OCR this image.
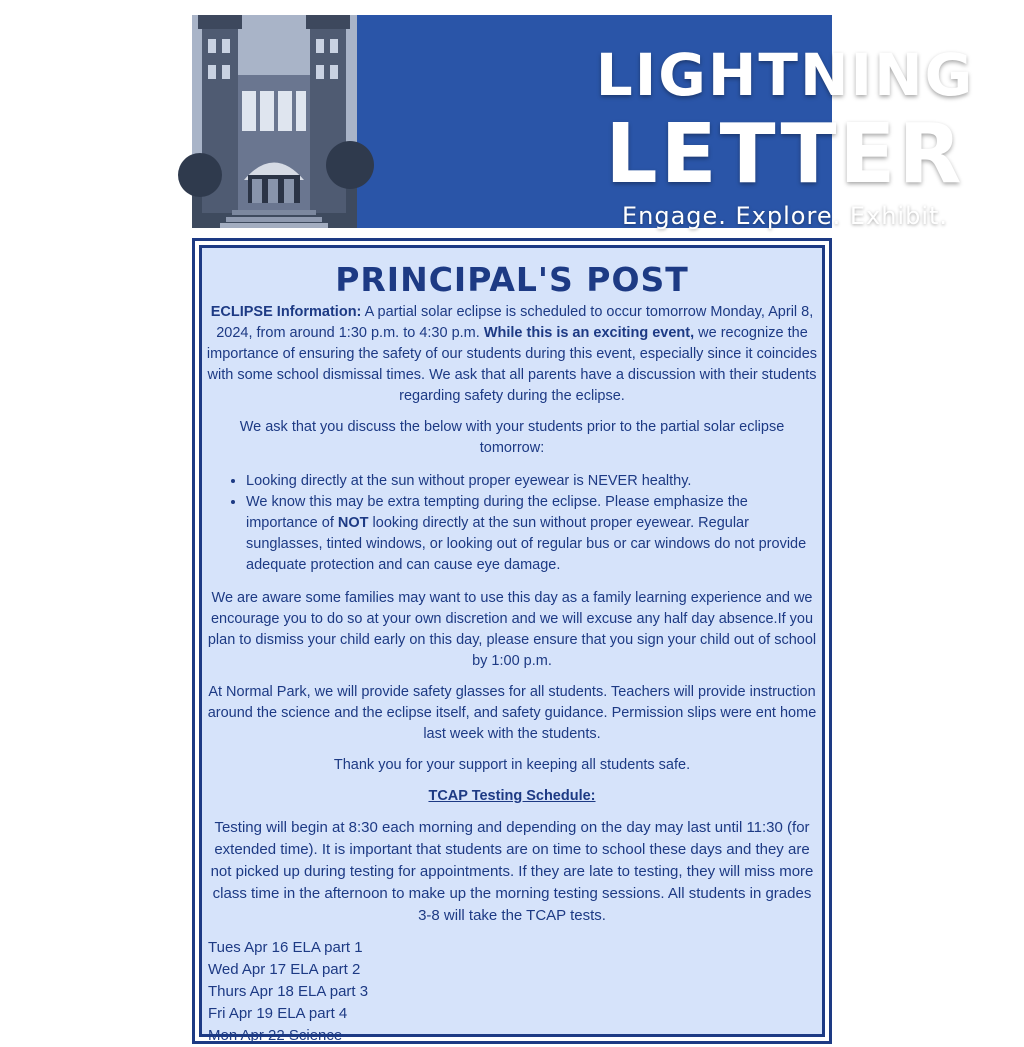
LIGHTNING
LETTER
Engage. Explore. Exhibit.
PRINCIPAL'S POST

ECLIPSE Information: A partial solar eclipse is scheduled to occur tomorrow Monday, April 8, 2024, from around 1:30 p.m. to 4:30 p.m. While this is an exciting event, we recognize the importance of ensuring the safety of our students during this event, especially since it coincides with some school dismissal times. We ask that all parents have a discussion with their students regarding safety during the eclipse.

We ask that you discuss the below with your students prior to the partial solar eclipse tomorrow:

• Looking directly at the sun without proper eyewear is NEVER healthy.
• We know this may be extra tempting during the eclipse. Please emphasize the importance of NOT looking directly at the sun without proper eyewear. Regular sunglasses, tinted windows, or looking out of regular bus or car windows do not provide adequate protection and can cause eye damage.

We are aware some families may want to use this day as a family learning experience and we encourage you to do so at your own discretion and we will excuse any half day absence.If you plan to dismiss your child early on this day, please ensure that you sign your child out of school by 1:00 p.m.

At Normal Park, we will provide safety glasses for all students. Teachers will provide instruction around the science and the eclipse itself, and safety guidance. Permission slips were ent home last week with the students.

Thank you for your support in keeping all students safe.

TCAP Testing Schedule:

Testing will begin at 8:30 each morning and depending on the day may last until 11:30 (for extended time). It is important that students are on time to school these days and they are not picked up during testing for appointments. If they are late to testing, they will miss more class time in the afternoon to make up the morning testing sessions. All students in grades 3-8 will take the TCAP tests.

Tues Apr 16 ELA part 1
Wed Apr 17 ELA part 2
Thurs Apr 18 ELA part 3
Fri Apr 19 ELA part 4
Mon Apr 22 Science
